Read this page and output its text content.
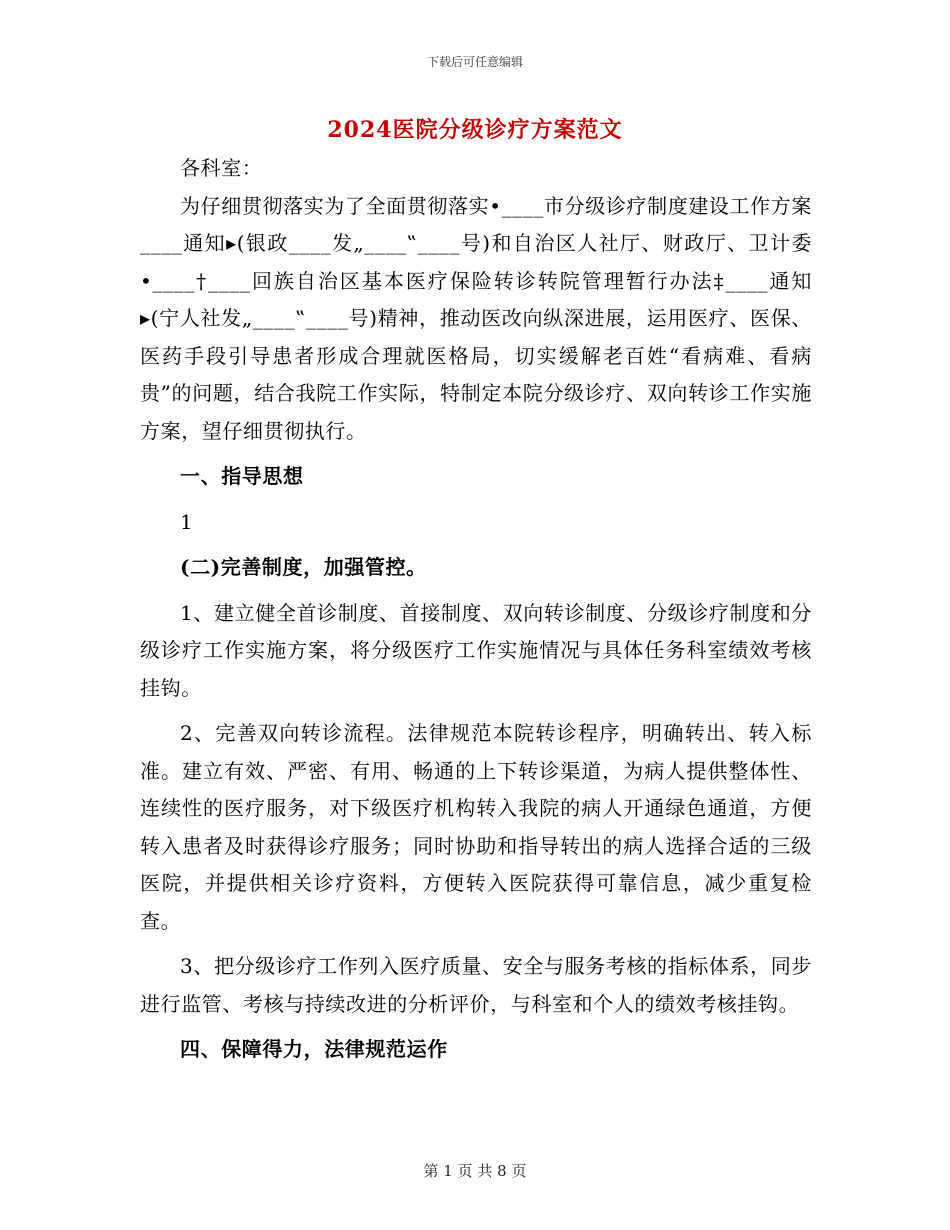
下载后可任意编辑
2024医院分级诊疗方案范文

各科室：

为仔细贯彻落实为了全面贯彻落实•____市分级诊疗制度建设工作方案____通知▸(银政____发„____‟____号)和自治区人社厅、财政厅、卫计委•____†____回族自治区基本医疗保险转诊转院管理暂行办法‡____通知▸(宁人社发„____‟____号)精神，推动医改向纵深进展，运用医疗、医保、医药手段引导患者形成合理就医格局，切实缓解老百姓“看病难、看病贵”的问题，结合我院工作实际，特制定本院分级诊疗、双向转诊工作实施方案，望仔细贯彻执行。

一、指导思想

1

(二)完善制度，加强管控。

1、建立健全首诊制度、首接制度、双向转诊制度、分级诊疗制度和分级诊疗工作实施方案，将分级医疗工作实施情况与具体任务科室绩效考核挂钩。

2、完善双向转诊流程。法律规范本院转诊程序，明确转出、转入标准。建立有效、严密、有用、畅通的上下转诊渠道，为病人提供整体性、连续性的医疗服务，对下级医疗机构转入我院的病人开通绿色通道，方便转入患者及时获得诊疗服务；同时协助和指导转出的病人选择合适的三级医院，并提供相关诊疗资料，方便转入医院获得可靠信息，减少重复检查。

3、把分级诊疗工作列入医疗质量、安全与服务考核的指标体系，同步进行监管、考核与持续改进的分析评价，与科室和个人的绩效考核挂钩。

四、保障得力，法律规范运作

第 1 页 共 8 页
